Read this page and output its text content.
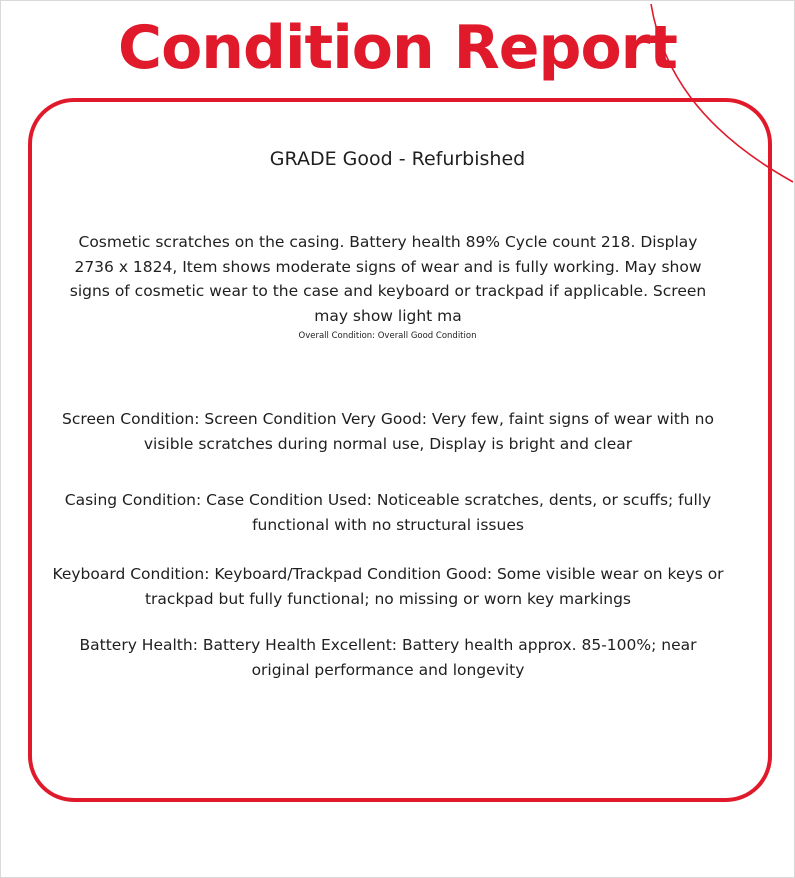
Condition Report
GRADE Good - Refurbished
Cosmetic scratches on the casing. Battery health 89% Cycle count 218. Display 2736 x 1824, Item shows moderate signs of wear and is fully working. May show signs of cosmetic wear to the case and keyboard or trackpad if applicable. Screen may show light ma
Overall Condition: Overall Good Condition
Screen Condition: Screen Condition Very Good: Very few, faint signs of wear with no visible scratches during normal use, Display is bright and clear
Casing Condition: Case Condition Used: Noticeable scratches, dents, or scuffs; fully functional with no structural issues
Keyboard Condition: Keyboard/Trackpad Condition Good: Some visible wear on keys or trackpad but fully functional; no missing or worn key markings
Battery Health: Battery Health Excellent: Battery health approx. 85-100%; near original performance and longevity
